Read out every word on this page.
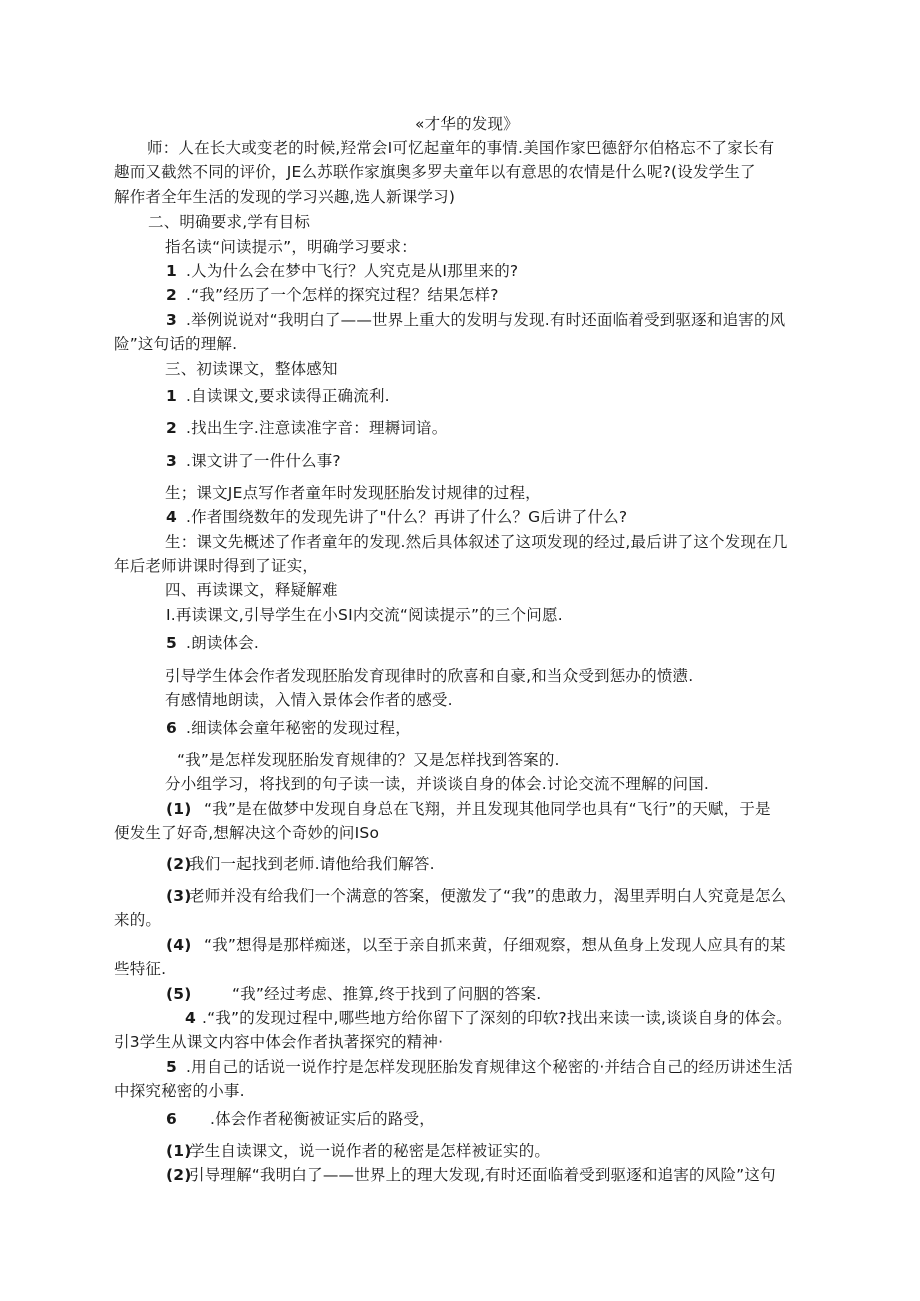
«才华的发现》
师：人在长大或变老的时候,羟常会I可忆起童年的事情.美国作家巴德舒尔伯格忘不了家长有
趣而又截然不同的评价，JE么苏联作家旗奥多罗夫童年以有意思的农情是什么呢?(设发学生了
解作者全年生活的发现的学习兴趣,选人新课学习)
二、明确要求,学有目标
指名读“问读提示”，明确学习要求：
1 .人为什么会在梦中飞行？人究克是从I那里来的?
2 .“我”经历了一个怎样的探究过程？结果怎样?
3 .举例说说对“我明白了——世界上重大的发明与发现.有时还面临着受到驱逐和追害的风
险”这句话的理解.
三、初读课文，整体感知
1 .自读课文,要求读得正确流利.
2 .找出生字.注意读准字音：理耨词谙。
3 .课文讲了一件什么事?
生；课文JE点写作者童年时发现胚胎发讨规律的过程，
4 .作者围绕数年的发现先讲了"什么？再讲了什么？G后讲了什么?
生：课文先概述了作者童年的发现.然后具体叙述了这项发现的经过,最后讲了这个发现在几
年后老师讲课时得到了证实，
四、再读课文，释疑解难
I.再读课文,引导学生在小SI内交流“阅读提示”的三个问愿.
5 .朗读体会.
引导学生体会作者发现胚胎发育现律时的欣喜和自豪,和当众受到惩办的愤懑.
有感情地朗读，入情入景体会作者的感受.
6 .细读体会童年秘密的发现过程，
“我”是怎样发现胚胎发育规律的？又是怎样找到答案的.
分小组学习，将找到的句子读一读，并谈谈自身的体会.讨论交流不理解的问国.
(1) “我”是在做梦中发现自身总在飞翔，并且发现其他同学也具有“飞行”的天赋，于是
便发生了好奇,想解决这个奇妙的问ISo
(2)我们一起找到老师.请他给我们解答.
(3)老师并没有给我们一个满意的答案，便激发了“我”的患敢力，渴里弄明白人究竟是怎么
来的。
(4) “我”想得是那样痴迷，以至于亲自抓来黄，仔细观察，想从鱼身上发现人应具有的某
些特征.
(5)	“我”经过考虑、推算,终于找到了问胭的答案.
4 .“我”的发现过程中,哪些地方给你留下了深刻的印软?找出来读一读,谈谈自身的体会。
引3学生从课文内容中体会作者执著探究的精神·
5 .用自己的话说一说作拧是怎样发现胚胎发育规律这个秘密的·并结合自己的经历讲述生活
中探究秘密的小事.
6 .体会作者秘衡被证实后的路受，
(1)学生自读课文，说一说作者的秘密是怎样被证实的。
(2)引导理解“我明白了——世界上的理大发现,有时还面临着受到驱逐和追害的风险”这句
